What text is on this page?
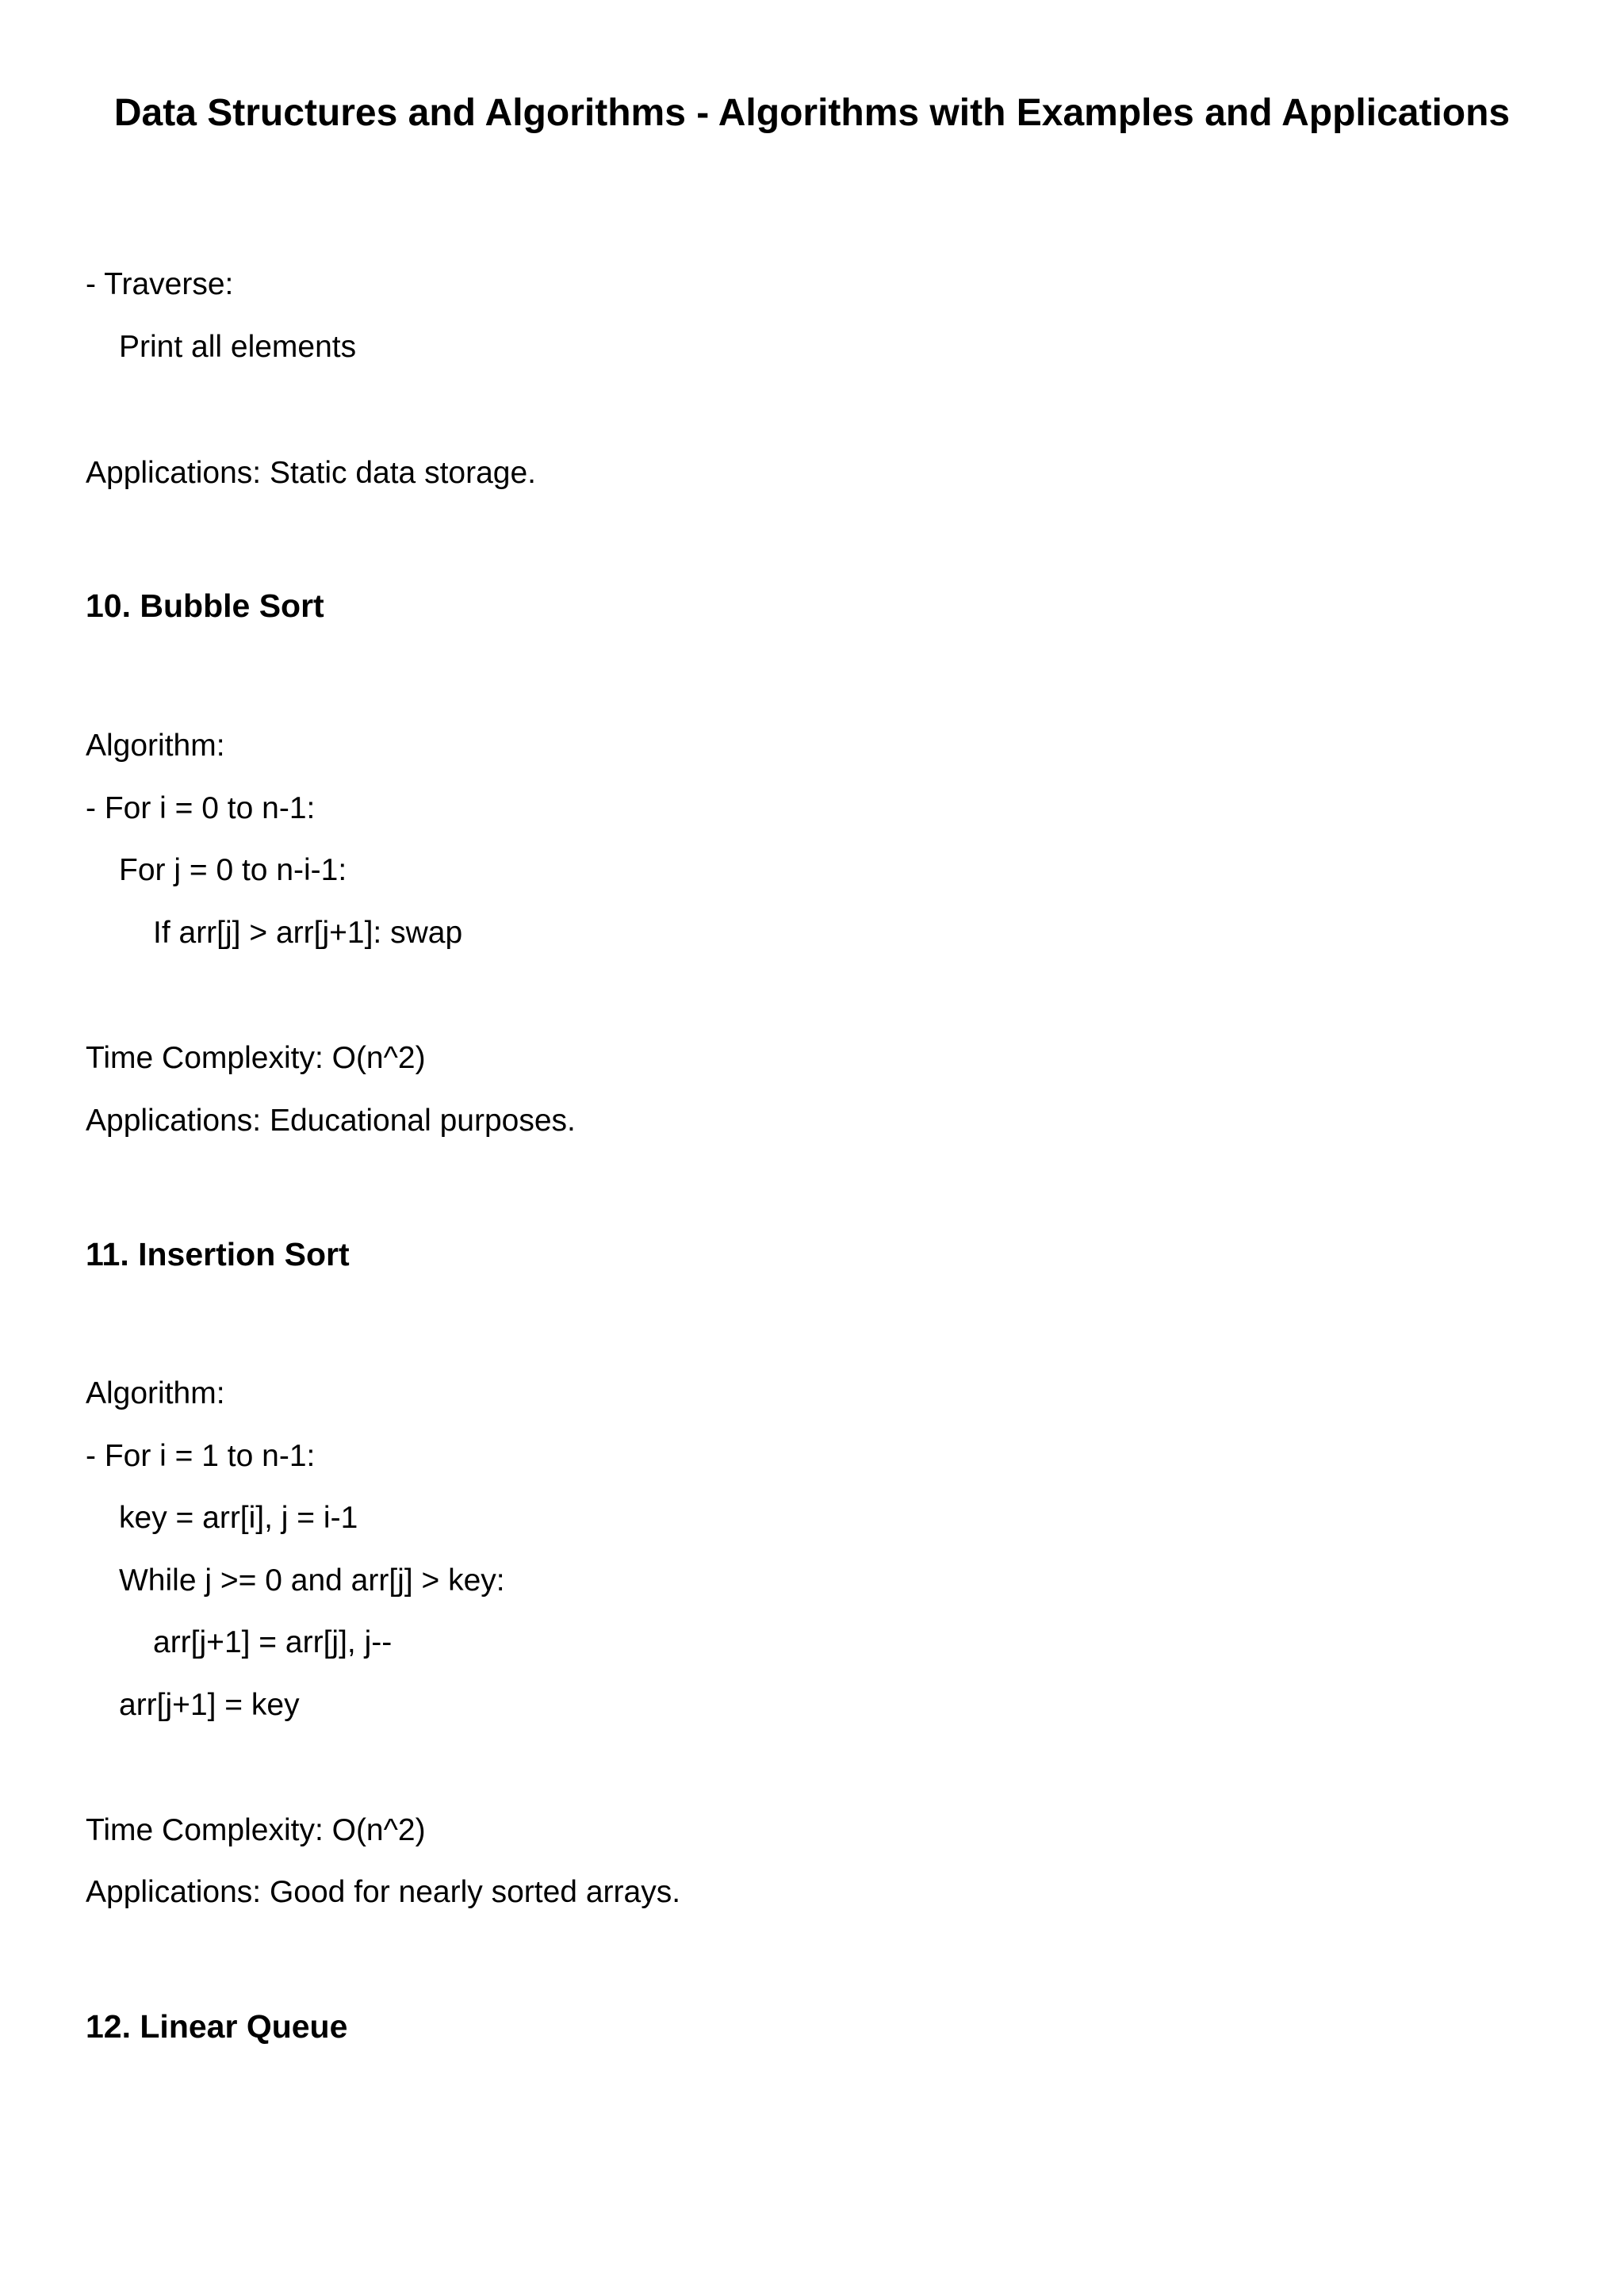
Data Structures and Algorithms - Algorithms with Examples and Applications

- Traverse:

Print all elements

Applications: Static data storage.

10. Bubble Sort

Algorithm:

- For i = 0 to n-1:

For j = 0 to n-i-1:

If arr[j] > arr[j+1]: swap

Time Complexity: O(n^2)

Applications: Educational purposes.

11. Insertion Sort

Algorithm:

- For i = 1 to n-1:

key = arr[i], j = i-1

While j >= 0 and arr[j] > key:

arr[j+1] = arr[j], j--

arr[j+1] = key

Time Complexity: O(n^2)

Applications: Good for nearly sorted arrays.

12. Linear Queue
